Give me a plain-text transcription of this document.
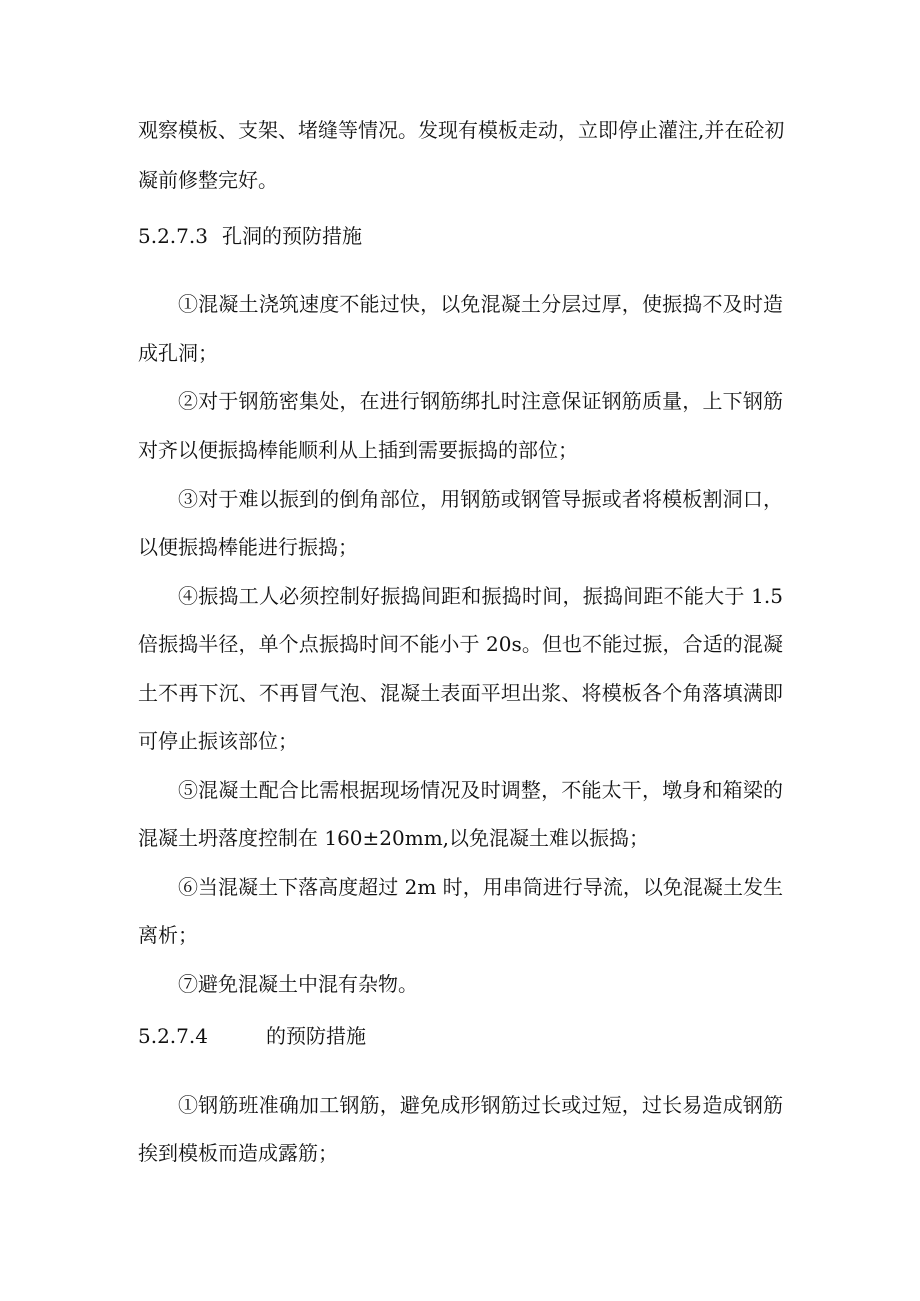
观察模板、支架、堵缝等情况。发现有模板走动，立即停止灌注,并在砼初
凝前修整完好。
5.2.7.3 孔洞的预防措施
①混凝土浇筑速度不能过快，以免混凝土分层过厚，使振捣不及时造
成孔洞；
②对于钢筋密集处，在进行钢筋绑扎时注意保证钢筋质量，上下钢筋
对齐以便振捣棒能顺利从上插到需要振捣的部位；
③对于难以振到的倒角部位，用钢筋或钢管导振或者将模板割洞口，
以便振捣棒能进行振捣；
④振捣工人必须控制好振捣间距和振捣时间，振捣间距不能大于 1.5
倍振捣半径，单个点振捣时间不能小于 20s。但也不能过振，合适的混凝
土不再下沉、不再冒气泡、混凝土表面平坦出浆、将模板各个角落填满即
可停止振该部位；
⑤混凝土配合比需根据现场情况及时调整，不能太干，墩身和箱梁的
混凝土坍落度控制在 160±20mm,以免混凝土难以振捣；
⑥当混凝土下落高度超过 2m 时，用串筒进行导流，以免混凝土发生
离析；
⑦避免混凝土中混有杂物。
5.2.7.4	的预防措施
①钢筋班准确加工钢筋，避免成形钢筋过长或过短，过长易造成钢筋
挨到模板而造成露筋；
